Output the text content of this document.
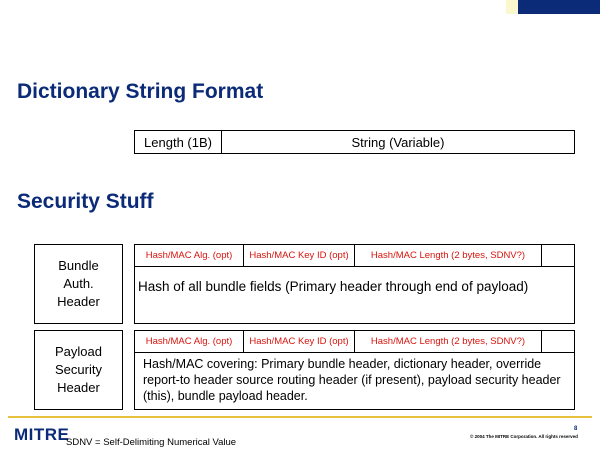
Dictionary String Format
Length (1B)	String (Variable)
Security Stuff
Bundle
Auth.
Header
Hash/MAC Alg. (opt)	Hash/MAC Key ID (opt)	Hash/MAC Length (2 bytes, SDNV?)
Hash of all bundle fields (Primary header through end of payload)
Payload
Security
Header
Hash/MAC Alg. (opt)	Hash/MAC Key ID (opt)	Hash/MAC Length (2 bytes, SDNV?)
Hash/MAC covering: Primary bundle header, dictionary header, override report-to header source routing header (if present), payload security header (this), bundle payload header.
MITRE
SDNV = Self-Delimiting Numerical Value
8
© 2004 The MITRE Corporation. All rights reserved
